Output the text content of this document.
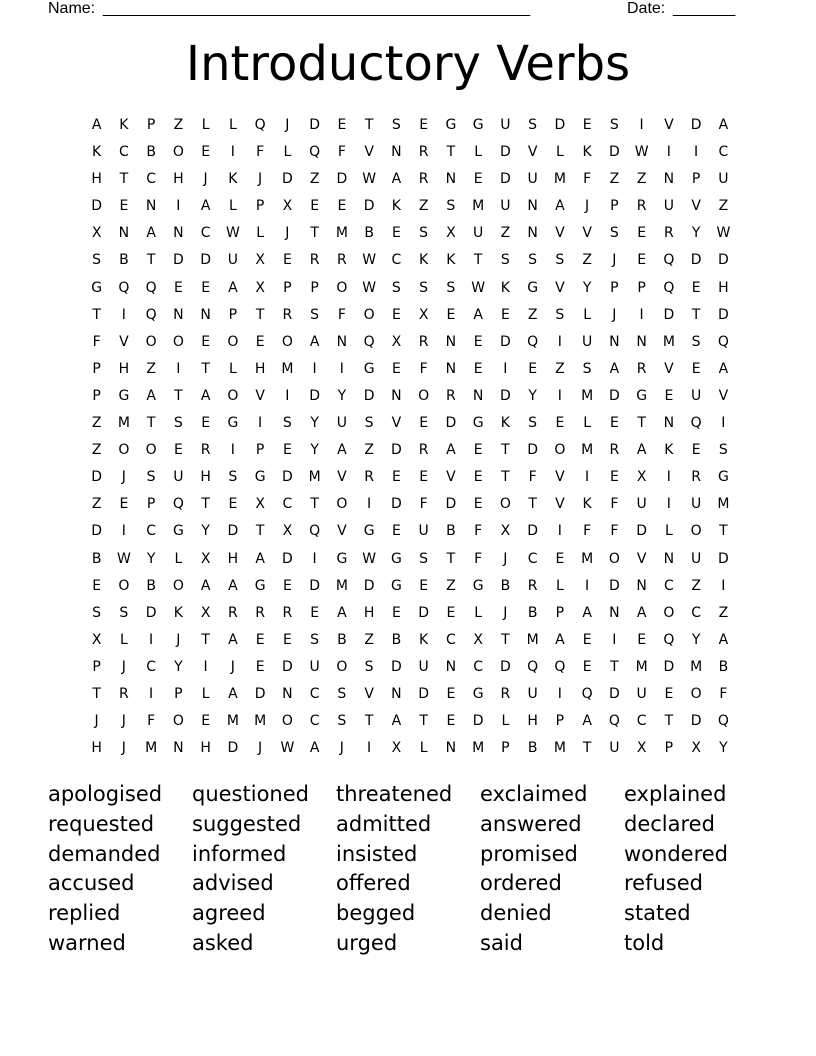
Name: ________________________________________________	Date: _______
Introductory Verbs
A	K	P	Z	L	L	Q	J	D	E	T	S	E	G	G	U	S	D	E	S	I	V	D	A
K	C	B	O	E	I	F	L	Q	F	V	N	R	T	L	D	V	L	K	D	W	I	I	C
H	T	C	H	J	K	J	D	Z	D	W	A	R	N	E	D	U	M	F	Z	Z	N	P	U
D	E	N	I	A	L	P	X	E	E	D	K	Z	S	M	U	N	A	J	P	R	U	V	Z
X	N	A	N	C	W	L	J	T	M	B	E	S	X	U	Z	N	V	V	S	E	R	Y	W
S	B	T	D	D	U	X	E	R	R	W	C	K	K	T	S	S	S	Z	J	E	Q	D	D
G	Q	Q	E	E	A	X	P	P	O	W	S	S	S	W	K	G	V	Y	P	P	Q	E	H
T	I	Q	N	N	P	T	R	S	F	O	E	X	E	A	E	Z	S	L	J	I	D	T	D
F	V	O	O	E	O	E	O	A	N	Q	X	R	N	E	D	Q	I	U	N	N	M	S	Q
P	H	Z	I	T	L	H	M	I	I	G	E	F	N	E	I	E	Z	S	A	R	V	E	A
P	G	A	T	A	O	V	I	D	Y	D	N	O	R	N	D	Y	I	M	D	G	E	U	V
Z	M	T	S	E	G	I	S	Y	U	S	V	E	D	G	K	S	E	L	E	T	N	Q	I
Z	O	O	E	R	I	P	E	Y	A	Z	D	R	A	E	T	D	O	M	R	A	K	E	S
D	J	S	U	H	S	G	D	M	V	R	E	E	V	E	T	F	V	I	E	X	I	R	G
Z	E	P	Q	T	E	X	C	T	O	I	D	F	D	E	O	T	V	K	F	U	I	U	M
D	I	C	G	Y	D	T	X	Q	V	G	E	U	B	F	X	D	I	F	F	D	L	O	T
B	W	Y	L	X	H	A	D	I	G	W	G	S	T	F	J	C	E	M	O	V	N	U	D
E	O	B	O	A	A	G	E	D	M	D	G	E	Z	G	B	R	L	I	D	N	C	Z	I
S	S	D	K	X	R	R	R	E	A	H	E	D	E	L	J	B	P	A	N	A	O	C	Z
X	L	I	J	T	A	E	E	S	B	Z	B	K	C	X	T	M	A	E	I	E	Q	Y	A
P	J	C	Y	I	J	E	D	U	O	S	D	U	N	C	D	Q	Q	E	T	M	D	M	B
T	R	I	P	L	A	D	N	C	S	V	N	D	E	G	R	U	I	Q	D	U	E	O	F
J	J	F	O	E	M	M	O	C	S	T	A	T	E	D	L	H	P	A	Q	C	T	D	Q
H	J	M	N	H	D	J	W	A	J	I	X	L	N	M	P	B	M	T	U	X	P	X	Y
apologised	questioned	threatened	exclaimed	explained
requested	suggested	admitted	answered	declared
demanded	informed	insisted	promised	wondered
accused	advised	offered	ordered	refused
replied	agreed	begged	denied	stated
warned	asked	urged	said	told
